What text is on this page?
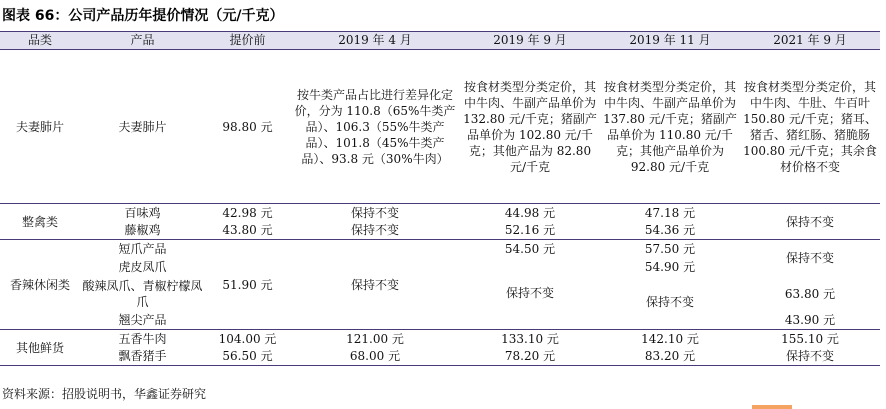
图表 66：公司产品历年提价情况（元/千克）
品类	产品	提价前	2019 年 4 月	2019 年 9 月	2019 年 11 月	2021 年 9 月
夫妻肺片	夫妻肺片	98.80 元	按牛类产品占比进行差异化定价，分为 110.8（65%牛类产品）、106.3（55%牛类产品）、101.8（45%牛类产品）、93.8 元（30%牛肉）	按食材类型分类定价，其中牛肉、牛副产品单价为 132.80 元/千克；猪副产品单价为 102.80 元/千克；其他产品为 82.80 元/千克	按食材类型分类定价，其中牛肉、牛副产品单价为 137.80 元/千克；猪副产品单价为 110.80 元/千克；其他产品单价为 92.80 元/千克	按食材类型分类定价，其中牛肉、牛肚、牛百叶 150.80 元/千克；猪耳、猪舌、猪红肠、猪脆肠 100.80 元/千克；其余食材价格不变
整禽类	百味鸡	42.98 元	保持不变	44.98 元	47.18 元	保持不变
	藤椒鸡	43.80 元	保持不变	52.16 元	54.36 元	
香辣休闲类	短爪产品	51.90 元	保持不变	54.50 元	57.50 元	保持不变
	虎皮凤爪			保持不变	54.90 元	
	酸辣凤爪、青椒柠檬凤爪				保持不变	63.80 元
	翘尖产品					43.90 元
其他鲜货	五香牛肉	104.00 元	121.00 元	133.10 元	142.10 元	155.10 元
	飘香猪手	56.50 元	68.00 元	78.20 元	83.20 元	保持不变
资料来源：招股说明书，华鑫证券研究
